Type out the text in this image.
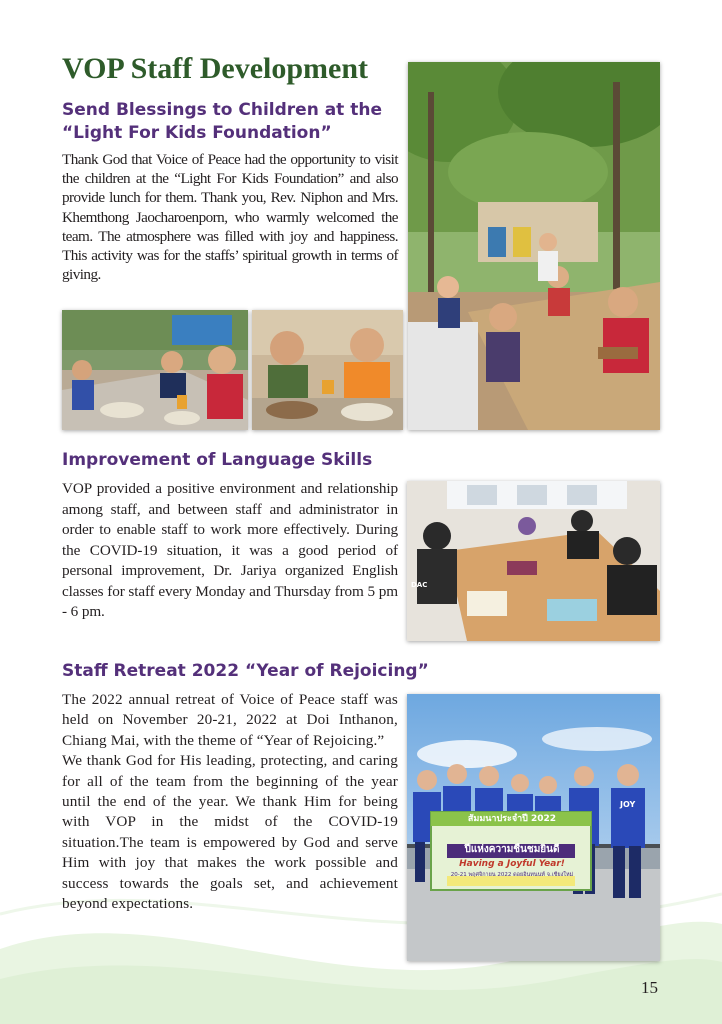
VOP Staff Development
Send Blessings to Children at the
“Light For Kids Foundation”

Thank God that Voice of Peace had the opportunity to visit the children at the “Light For Kids Foundation” and also provide lunch for them. Thank you, Rev. Niphon and Mrs. Khemthong Jaocharoenporn, who warmly welcomed the team. The atmosphere was filled with joy and happiness. This activity was for the staffs’ spiritual growth in terms of giving.

Improvement of Language Skills

VOP provided a positive environment and relationship among staff, and between staff and administrator in order to enable staff to work more effectively. During the COVID-19 situation, it was a good period of personal improvement, Dr. Jariya organized English classes for staff every Monday and Thursday from 5 pm - 6 pm.

DAC
Staff Retreat 2022 “Year of Rejoicing”

The 2022 annual retreat of Voice of Peace staff was held on November 20-21, 2022 at Doi Inthanon, Chiang Mai, with the theme of “Year of Rejoicing.”

We thank God for His leading, protecting, and caring for all of the team from the beginning of the year until the end of the year. We thank Him for being with VOP in the midst of the COVID-19 situation.The team is empowered by God and serve Him with joy that makes the work possible and success towards the goals set, and achievement beyond expectations.

สัมมนาประจำปี 2022
ปีแห่งความชื่นชมยินดี
Having a Joyful Year!
20-21 พฤศจิกายน 2022 ดอยอินทนนท์ จ.เชียงใหม่
JOY
15
